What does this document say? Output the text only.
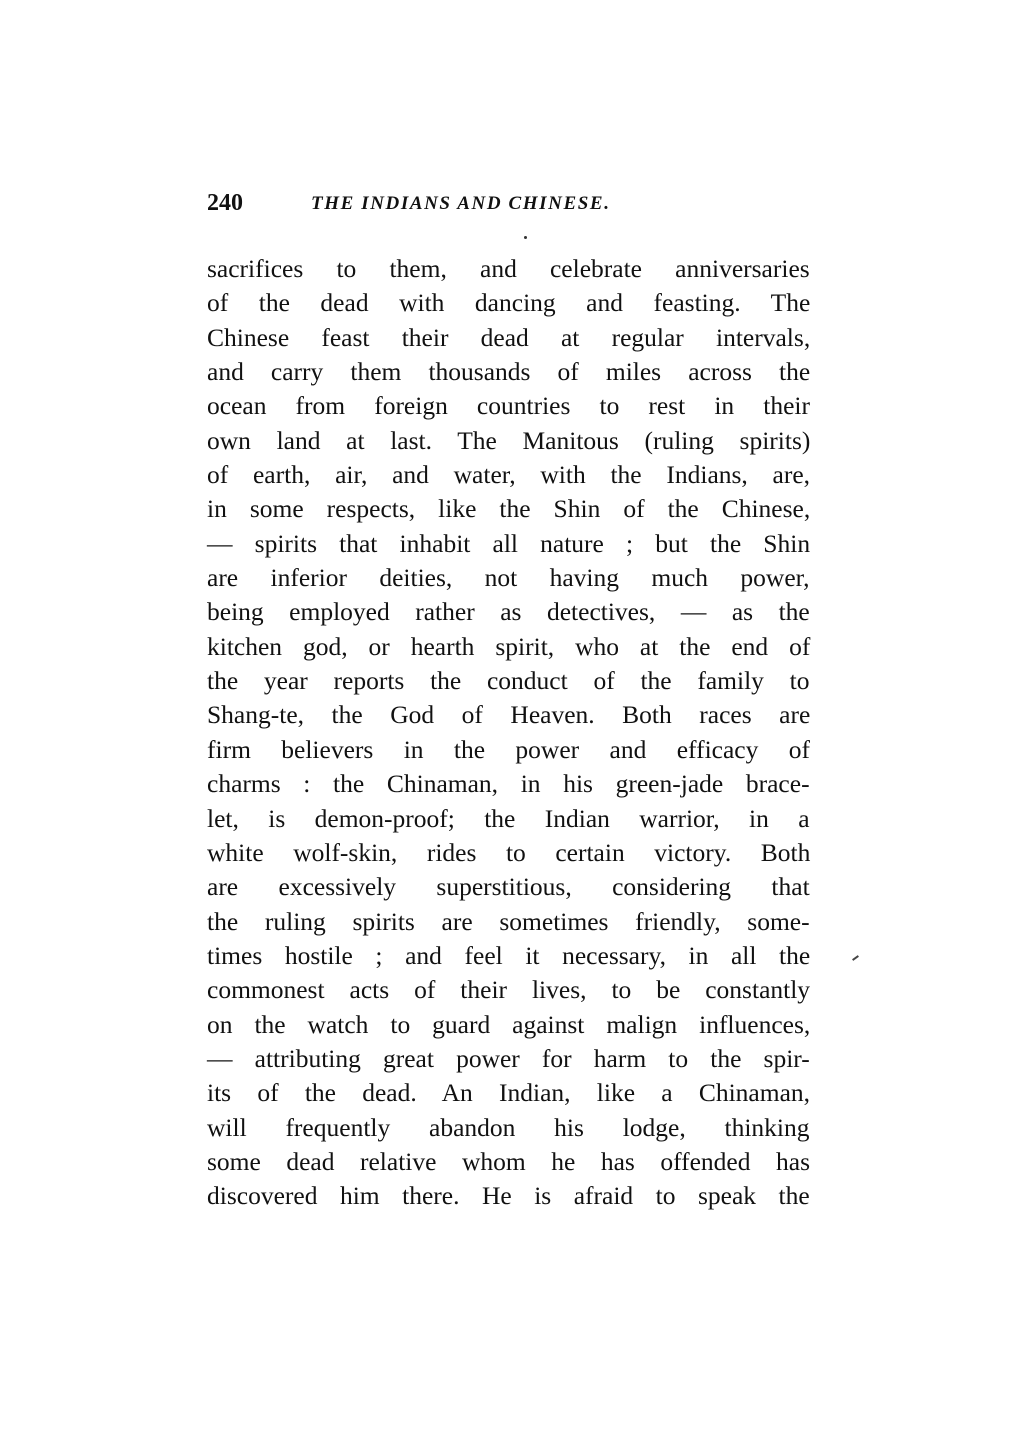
240	THE INDIANS AND CHINESE.
sacrifices to them, and celebrate anniversaries
of the dead with dancing and feasting. The
Chinese feast their dead at regular intervals,
and carry them thousands of miles across the
ocean from foreign countries to rest in their
own land at last. The Manitous (ruling spirits)
of earth, air, and water, with the Indians, are,
in some respects, like the Shin of the Chinese,
— spirits that inhabit all nature ; but the Shin
are inferior deities, not having much power,
being employed rather as detectives, — as the
kitchen god, or hearth spirit, who at the end of
the year reports the conduct of the family to
Shang-te, the God of Heaven. Both races are
firm believers in the power and efficacy of
charms : the Chinaman, in his green-jade brace-
let, is demon-proof; the Indian warrior, in a
white wolf-skin, rides to certain victory. Both
are excessively superstitious, considering that
the ruling spirits are sometimes friendly, some-
times hostile ; and feel it necessary, in all the
commonest acts of their lives, to be constantly
on the watch to guard against malign influences,
— attributing great power for harm to the spir-
its of the dead. An Indian, like a Chinaman,
will frequently abandon his lodge, thinking
some dead relative whom he has offended has
discovered him there. He is afraid to speak the
